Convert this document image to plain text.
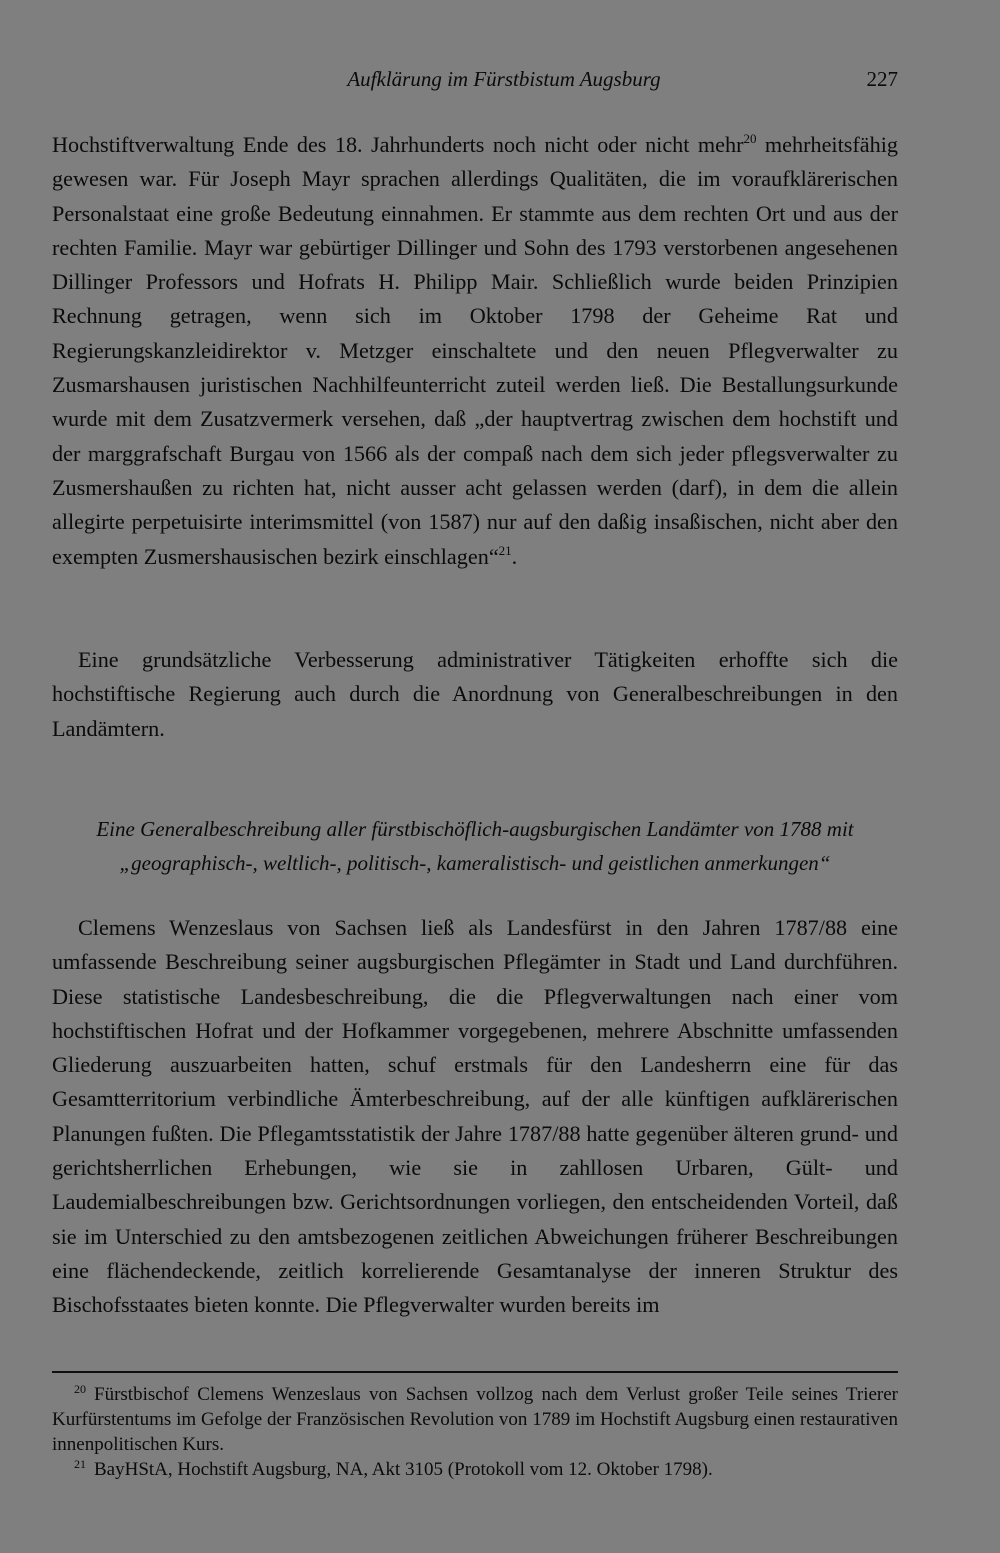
Aufklärung im Fürstbistum Augsburg	227

Hochstiftverwaltung Ende des 18. Jahrhunderts noch nicht oder nicht mehr$^{20}$ mehrheitsfähig gewesen war. Für Joseph Mayr sprachen allerdings Qualitäten, die im voraufklärerischen Personalstaat eine große Bedeutung einnahmen. Er stammte aus dem rechten Ort und aus der rechten Familie. Mayr war gebürtiger Dillinger und Sohn des 1793 verstorbenen angesehenen Dillinger Professors und Hofrats H. Philipp Mair. Schließlich wurde beiden Prinzipien Rechnung getragen, wenn sich im Oktober 1798 der Geheime Rat und Regierungskanzleidirektor v. Metzger einschaltete und den neuen Pflegverwalter zu Zusmarshausen juristischen Nachhilfeunterricht zuteil werden ließ. Die Bestallungsurkunde wurde mit dem Zusatzvermerk versehen, daß „der hauptvertrag zwischen dem hochstift und der marggrafschaft Burgau von 1566 als der compaß nach dem sich jeder pflegsverwalter zu Zusmershaußen zu richten hat, nicht ausser acht gelassen werden (darf), in dem die allein allegirte perpetuisirte interimsmittel (von 1587) nur auf den daßig insaßischen, nicht aber den exempten Zusmershausischen bezirk einschlagen“$^{21}$.

Eine grundsätzliche Verbesserung administrativer Tätigkeiten erhoffte sich die hochstiftische Regierung auch durch die Anordnung von Generalbeschreibungen in den Landämtern.

Eine Generalbeschreibung aller fürstbischöflich-augsburgischen Landämter von 1788 mit
„geographisch-, weltlich-, politisch-, kameralistisch- und geistlichen anmerkungen“

Clemens Wenzeslaus von Sachsen ließ als Landesfürst in den Jahren 1787/88 eine umfassende Beschreibung seiner augsburgischen Pflegämter in Stadt und Land durchführen. Diese statistische Landesbeschreibung, die die Pflegverwaltungen nach einer vom hochstiftischen Hofrat und der Hofkammer vorgegebenen, mehrere Abschnitte umfassenden Gliederung auszuarbeiten hatten, schuf erstmals für den Landesherrn eine für das Gesamtterritorium verbindliche Ämterbeschreibung, auf der alle künftigen aufklärerischen Planungen fußten. Die Pflegamtsstatistik der Jahre 1787/88 hatte gegenüber älteren grund- und gerichtsherrlichen Erhebungen, wie sie in zahllosen Urbaren, Gült- und Laudemialbeschreibungen bzw. Gerichtsordnungen vorliegen, den entscheidenden Vorteil, daß sie im Unterschied zu den amtsbezogenen zeitlichen Abweichungen früherer Beschreibungen eine flächendeckende, zeitlich korrelierende Gesamtanalyse der inneren Struktur des Bischofsstaates bieten konnte. Die Pflegverwalter wurden bereits im

20 Fürstbischof Clemens Wenzeslaus von Sachsen vollzog nach dem Verlust großer Teile seines Trierer Kurfürstentums im Gefolge der Französischen Revolution von 1789 im Hochstift Augsburg einen restaurativen innenpolitischen Kurs.

21 BayHStA, Hochstift Augsburg, NA, Akt 3105 (Protokoll vom 12. Oktober 1798).
